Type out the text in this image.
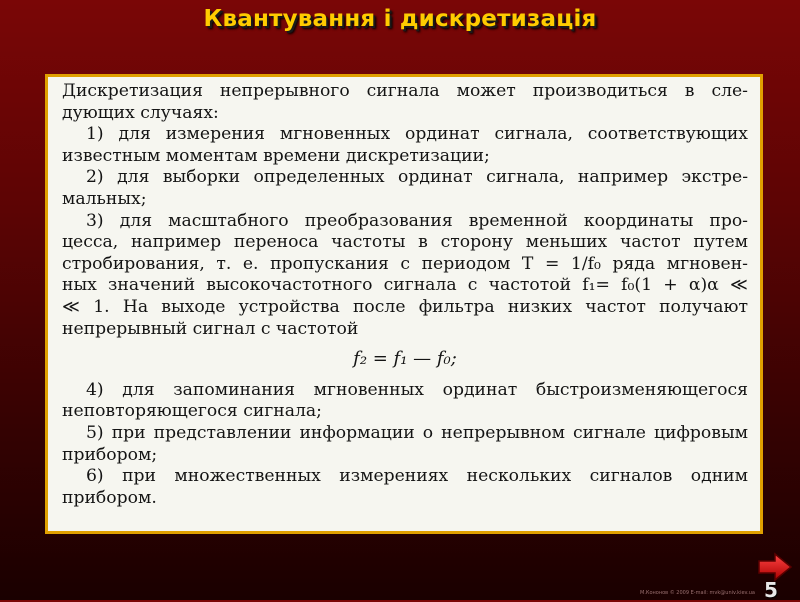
Квантування і дискретизація
Дискретизация непрерывного сигнала может производиться в сле-
дующих случаях:
1) для измерения мгновенных ординат сигнала, соответствующих
известным моментам времени дискретизации;
2) для выборки определенных ординат сигнала, например экстре-
мальных;
3) для масштабного преобразования временной координаты про-
цесса, например переноса частоты в сторону меньших частот путем
стробирования, т. е. пропускания с периодом T = 1/f₀ ряда мгновен-
ных значений высокочастотного сигнала с частотой f₁= f₀(1 + α)α ≪
≪ 1. На выходе устройства после фильтра низких частот получают
непрерывный сигнал с частотой
f₂ = f₁ — f₀;
4) для запоминания мгновенных ординат быстроизменяющегося
неповторяющегося сигнала;
5) при представлении информации о непрерывном сигнале цифровым
прибором;
6) при множественных измерениях нескольких сигналов одним
прибором.
5
М.Кононов © 2009 E-mail: mvk@univ.kiev.ua
